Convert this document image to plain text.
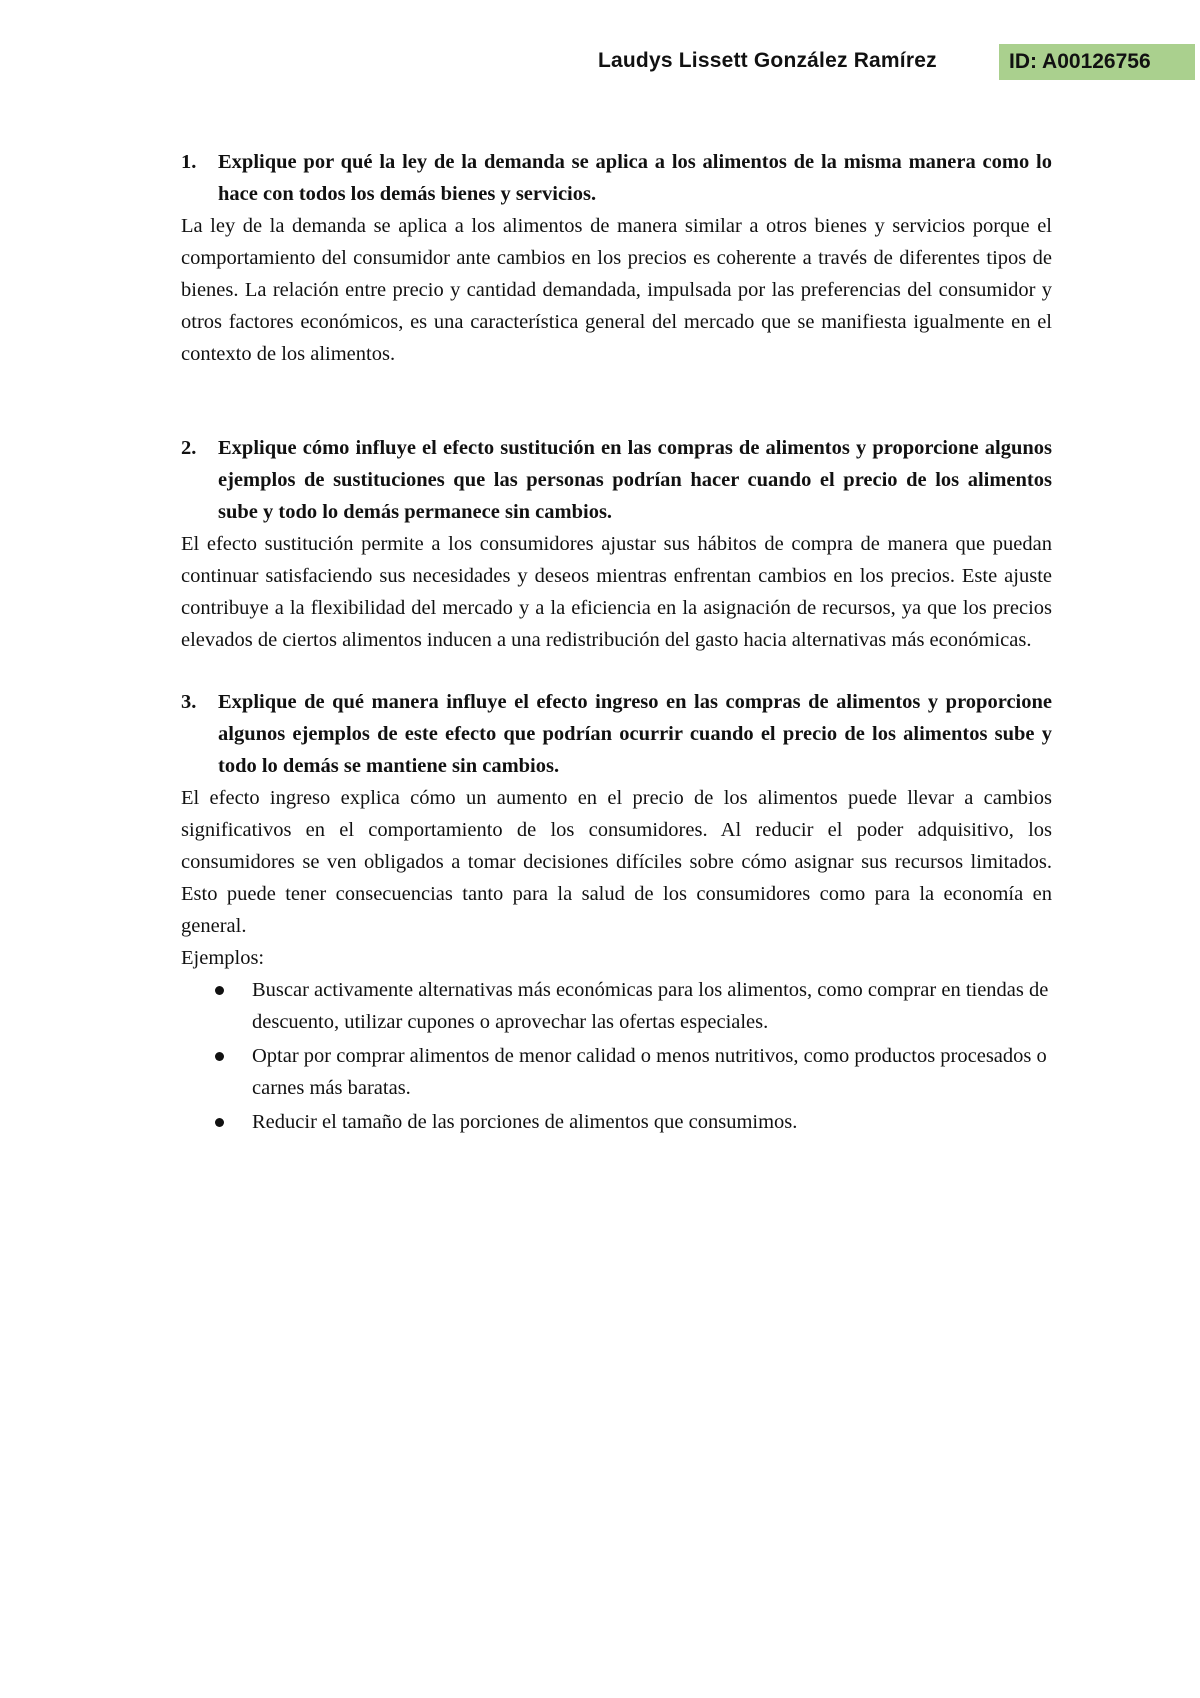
Laudys Lissett González Ramírez	ID: A00126756
1.	Explique por qué la ley de la demanda se aplica a los alimentos de la misma manera como lo hace con todos los demás bienes y servicios.

La ley de la demanda se aplica a los alimentos de manera similar a otros bienes y servicios porque el comportamiento del consumidor ante cambios en los precios es coherente a través de diferentes tipos de bienes. La relación entre precio y cantidad demandada, impulsada por las preferencias del consumidor y otros factores económicos, es una característica general del mercado que se manifiesta igualmente en el contexto de los alimentos.

2.	Explique cómo influye el efecto sustitución en las compras de alimentos y proporcione algunos ejemplos de sustituciones que las personas podrían hacer cuando el precio de los alimentos sube y todo lo demás permanece sin cambios.

El efecto sustitución permite a los consumidores ajustar sus hábitos de compra de manera que puedan continuar satisfaciendo sus necesidades y deseos mientras enfrentan cambios en los precios. Este ajuste contribuye a la flexibilidad del mercado y a la eficiencia en la asignación de recursos, ya que los precios elevados de ciertos alimentos inducen a una redistribución del gasto hacia alternativas más económicas.

3.	Explique de qué manera influye el efecto ingreso en las compras de alimentos y proporcione algunos ejemplos de este efecto que podrían ocurrir cuando el precio de los alimentos sube y todo lo demás se mantiene sin cambios.

El efecto ingreso explica cómo un aumento en el precio de los alimentos puede llevar a cambios significativos en el comportamiento de los consumidores. Al reducir el poder adquisitivo, los consumidores se ven obligados a tomar decisiones difíciles sobre cómo asignar sus recursos limitados. Esto puede tener consecuencias tanto para la salud de los consumidores como para la economía en general.

Ejemplos:

Buscar activamente alternativas más económicas para los alimentos, como comprar en tiendas de descuento, utilizar cupones o aprovechar las ofertas especiales.
Optar por comprar alimentos de menor calidad o menos nutritivos, como productos procesados o carnes más baratas.
Reducir el tamaño de las porciones de alimentos que consumimos.
